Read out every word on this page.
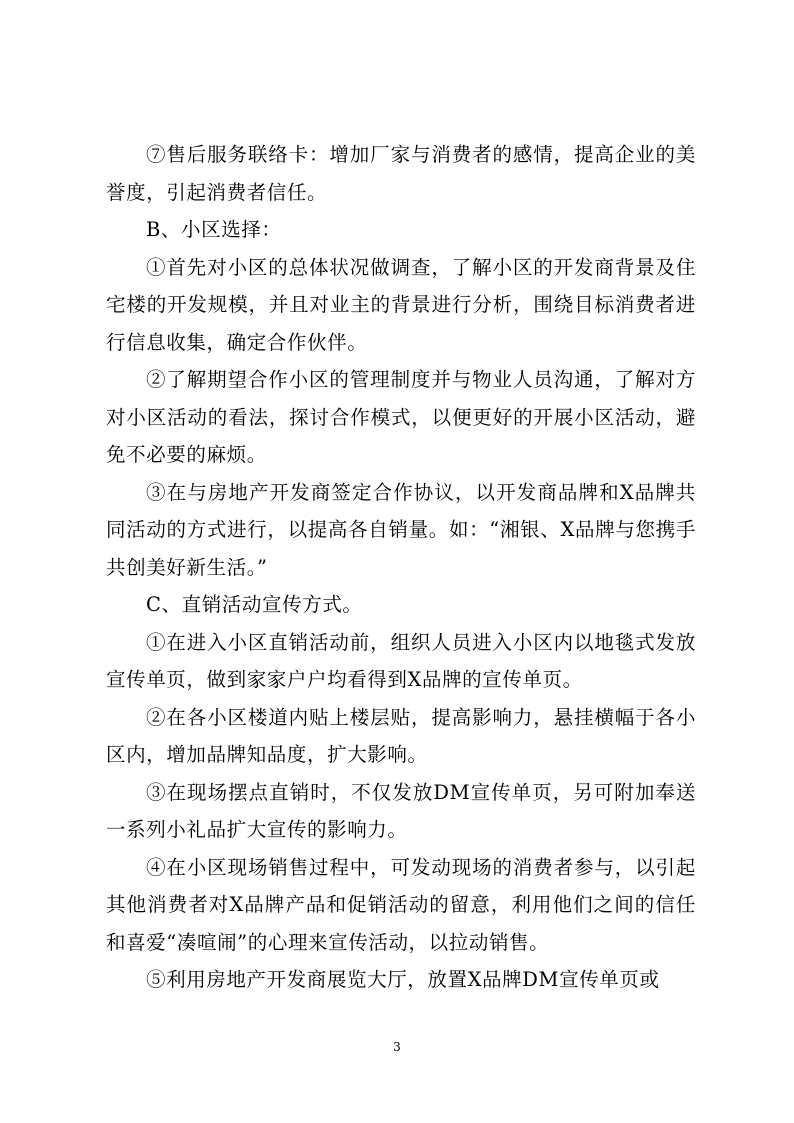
⑦售后服务联络卡：增加厂家与消费者的感情，提高企业的美誉度，引起消费者信任。

B、小区选择：

①首先对小区的总体状况做调查，了解小区的开发商背景及住宅楼的开发规模，并且对业主的背景进行分析，围绕目标消费者进行信息收集，确定合作伙伴。

②了解期望合作小区的管理制度并与物业人员沟通，了解对方对小区活动的看法，探讨合作模式，以便更好的开展小区活动，避免不必要的麻烦。

③在与房地产开发商签定合作协议，以开发商品牌和X品牌共同活动的方式进行，以提高各自销量。如：“湘银、X品牌与您携手共创美好新生活。”

C、直销活动宣传方式。

①在进入小区直销活动前，组织人员进入小区内以地毯式发放宣传单页，做到家家户户均看得到X品牌的宣传单页。

②在各小区楼道内贴上楼层贴，提高影响力，悬挂横幅于各小区内，增加品牌知品度，扩大影响。

③在现场摆点直销时，不仅发放DM宣传单页，另可附加奉送一系列小礼品扩大宣传的影响力。

④在小区现场销售过程中，可发动现场的消费者参与，以引起其他消费者对X品牌产品和促销活动的留意，利用他们之间的信任和喜爱“凑喧闹”的心理来宣传活动，以拉动销售。

⑤利用房地产开发商展览大厅，放置X品牌DM宣传单页或

3
